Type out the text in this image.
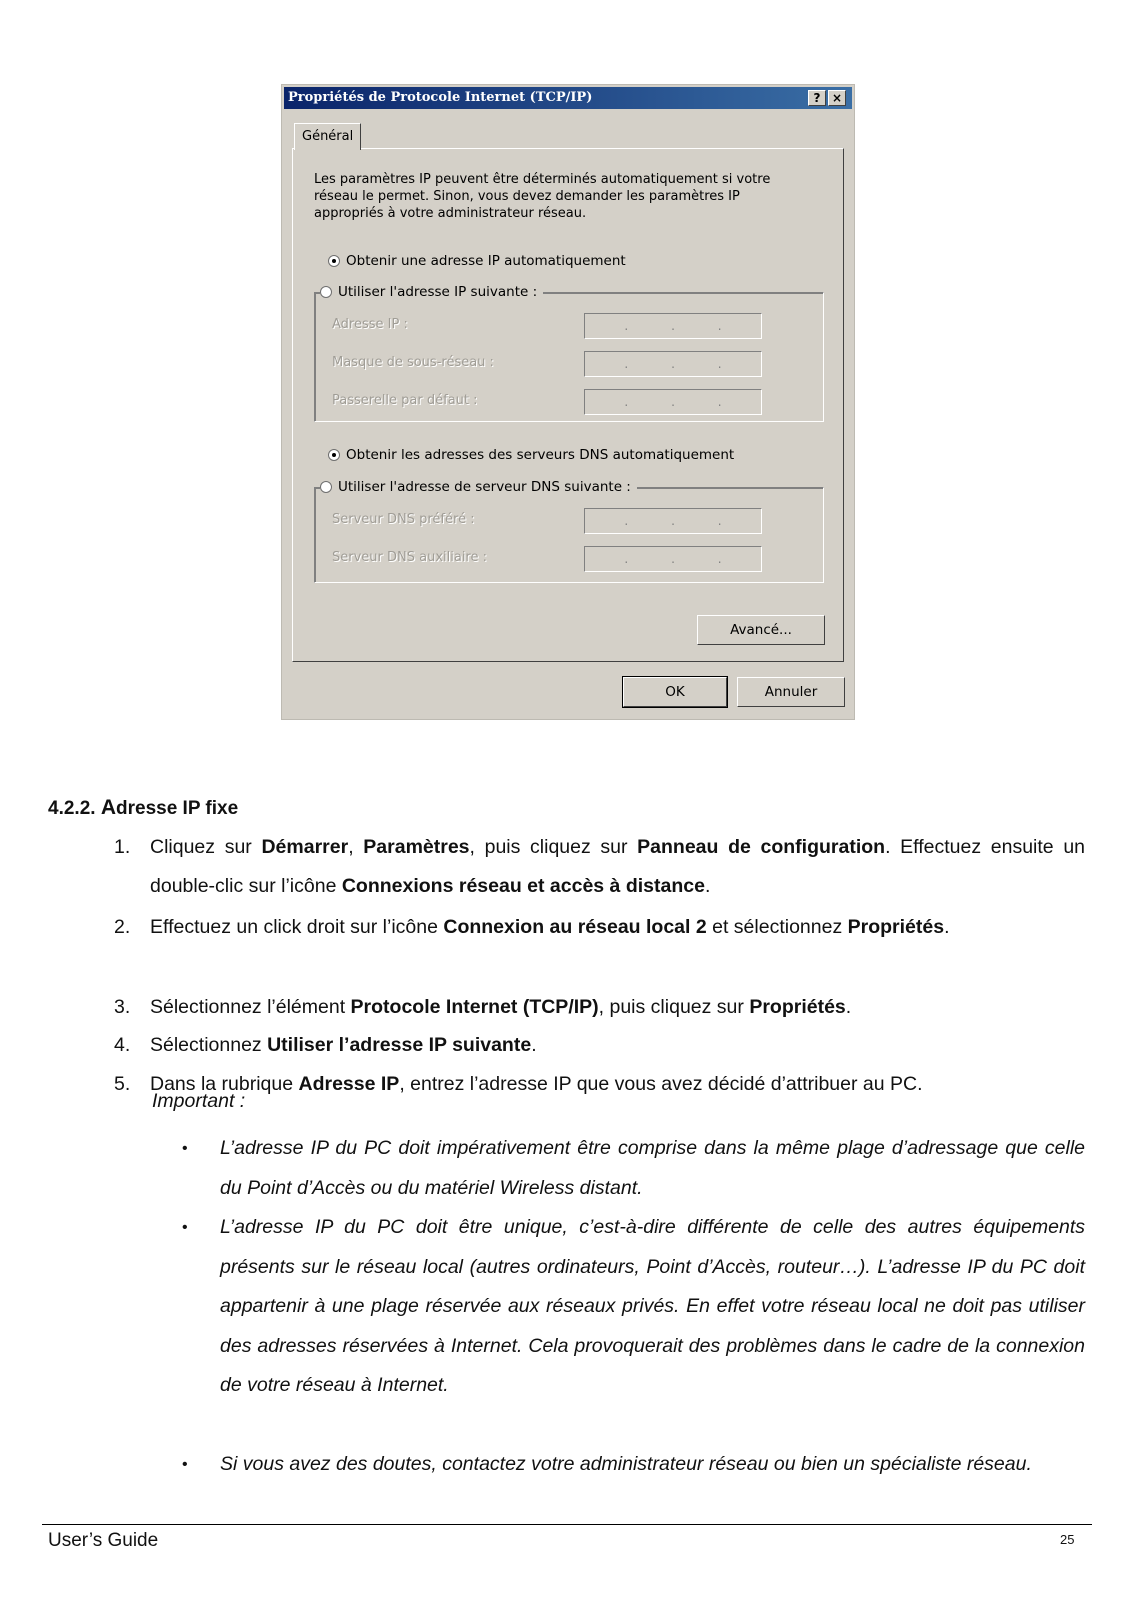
Propriétés de Protocole Internet (TCP/IP)	? ×
Général
Les paramètres IP peuvent être déterminés automatiquement si votre réseau le permet. Sinon, vous devez demander les paramètres IP appropriés à votre administrateur réseau.
Obtenir une adresse IP automatiquement
Utiliser l'adresse IP suivante :
Adresse IP :	.	.	.
Masque de sous-réseau :	.	.	.
Passerelle par défaut :	.	.	.
Obtenir les adresses des serveurs DNS automatiquement
Utiliser l'adresse de serveur DNS suivante :
Serveur DNS préféré :	.	.	.
Serveur DNS auxiliaire :	.	.	.
Avancé...
OK	Annuler
4.2.2. Adresse IP fixe
1. Cliquez sur Démarrer, Paramètres, puis cliquez sur Panneau de configuration. Effectuez ensuite un double-clic sur l’icône Connexions réseau et accès à distance.
2. Effectuez un click droit sur l’icône Connexion au réseau local 2 et sélectionnez Propriétés.
3. Sélectionnez l’élément Protocole Internet (TCP/IP), puis cliquez sur Propriétés.
4. Sélectionnez Utiliser l’adresse IP suivante.
5. Dans la rubrique Adresse IP, entrez l’adresse IP que vous avez décidé d’attribuer au PC.
Important :
• L’adresse IP du PC doit impérativement être comprise dans la même plage d’adressage que celle du Point d’Accès ou du matériel Wireless distant.
• L’adresse IP du PC doit être unique, c’est-à-dire différente de celle des autres équipements présents sur le réseau local (autres ordinateurs, Point d’Accès, routeur…). L’adresse IP du PC doit appartenir à une plage réservée aux réseaux privés. En effet votre réseau local ne doit pas utiliser des adresses réservées à Internet. Cela provoquerait des problèmes dans le cadre de la connexion de votre réseau à Internet.
• Si vous avez des doutes, contactez votre administrateur réseau ou bien un spécialiste réseau.
User’s Guide	25
